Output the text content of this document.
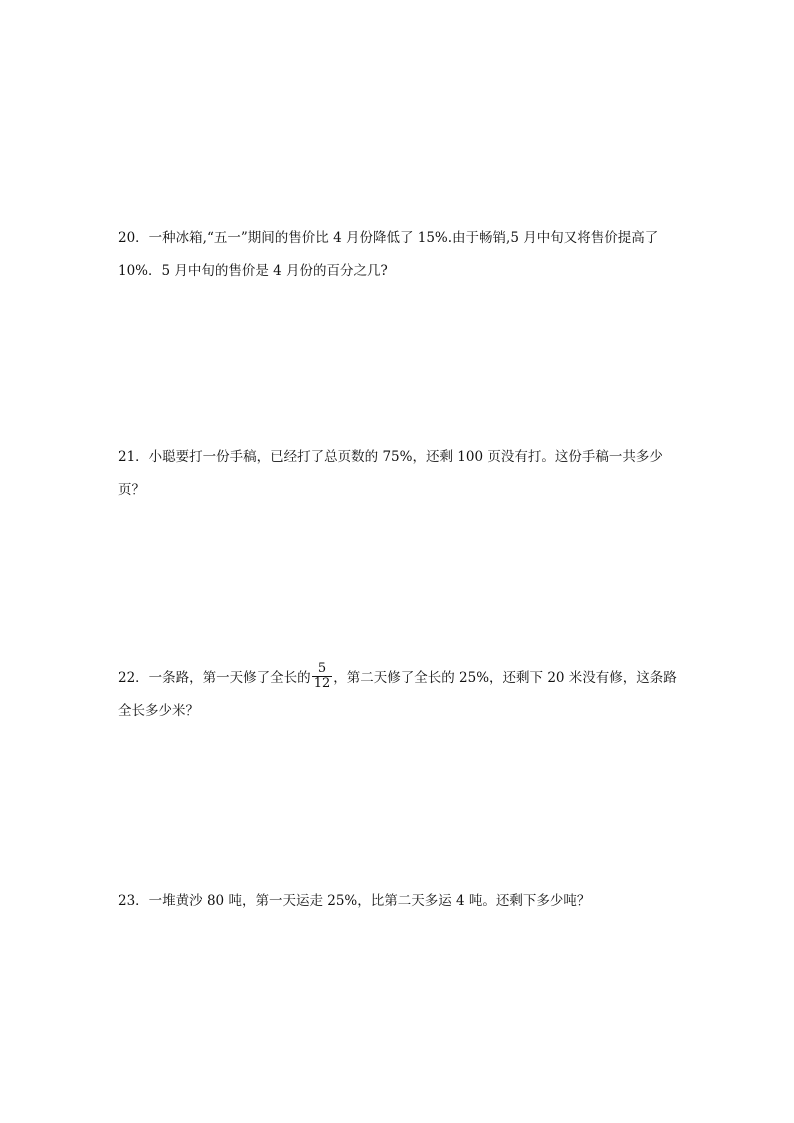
20．一种冰箱,“五一”期间的售价比 4 月份降低了 15%.由于畅销,5 月中旬又将售价提高了

10%．5 月中旬的售价是 4 月份的百分之几?

21．小聪要打一份手稿，已经打了总页数的 75%，还剩 100 页没有打。这份手稿一共多少

页？

22．一条路，第一天修了全长的 $\frac{5}{12}$ ，第二天修了全长的 25%，还剩下 20 米没有修，这条路

全长多少米？

23．一堆黄沙 80 吨，第一天运走 25%，比第二天多运 4 吨。还剩下多少吨？
